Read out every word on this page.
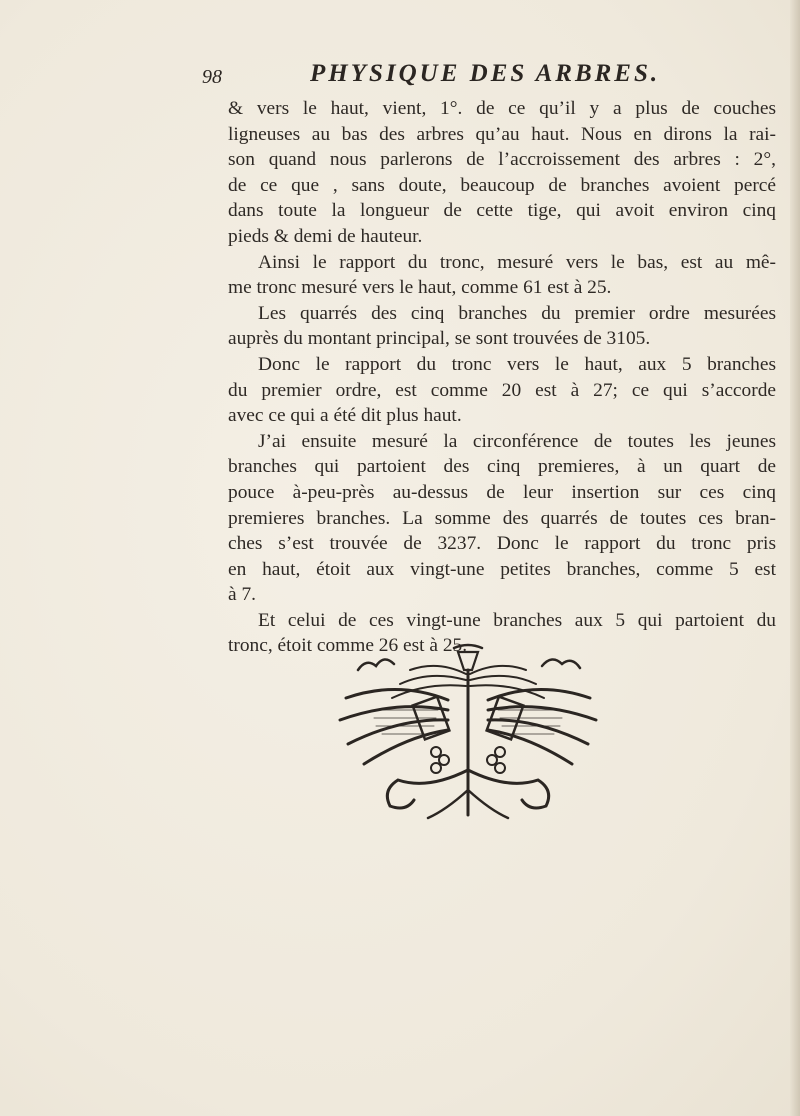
98	PHYSIQUE DES ARBRES.
& vers le haut, vient, 1°. de ce qu’il y a plus de couches
ligneuses au bas des arbres qu’au haut. Nous en dirons la rai-
son quand nous parlerons de l’accroissement des arbres : 2°,
de ce que , sans doute, beaucoup de branches avoient percé
dans toute la longueur de cette tige, qui avoit environ cinq
pieds & demi de hauteur.
Ainsi le rapport du tronc, mesuré vers le bas, est au mê-
me tronc mesuré vers le haut, comme 61 est à 25.
Les quarrés des cinq branches du premier ordre mesurées
auprès du montant principal, se sont trouvées de 3105.
Donc le rapport du tronc vers le haut, aux 5 branches
du premier ordre, est comme 20 est à 27; ce qui s’accorde
avec ce qui a été dit plus haut.
J’ai ensuite mesuré la circonférence de toutes les jeunes
branches qui partoient des cinq premieres, à un quart de
pouce à-peu-près au-dessus de leur insertion sur ces cinq
premieres branches. La somme des quarrés de toutes ces bran-
ches s’est trouvée de 3237. Donc le rapport du tronc pris
en haut, étoit aux vingt-une petites branches, comme 5 est
à 7.
Et celui de ces vingt-une branches aux 5 qui partoient du
tronc, étoit comme 26 est à 25.
